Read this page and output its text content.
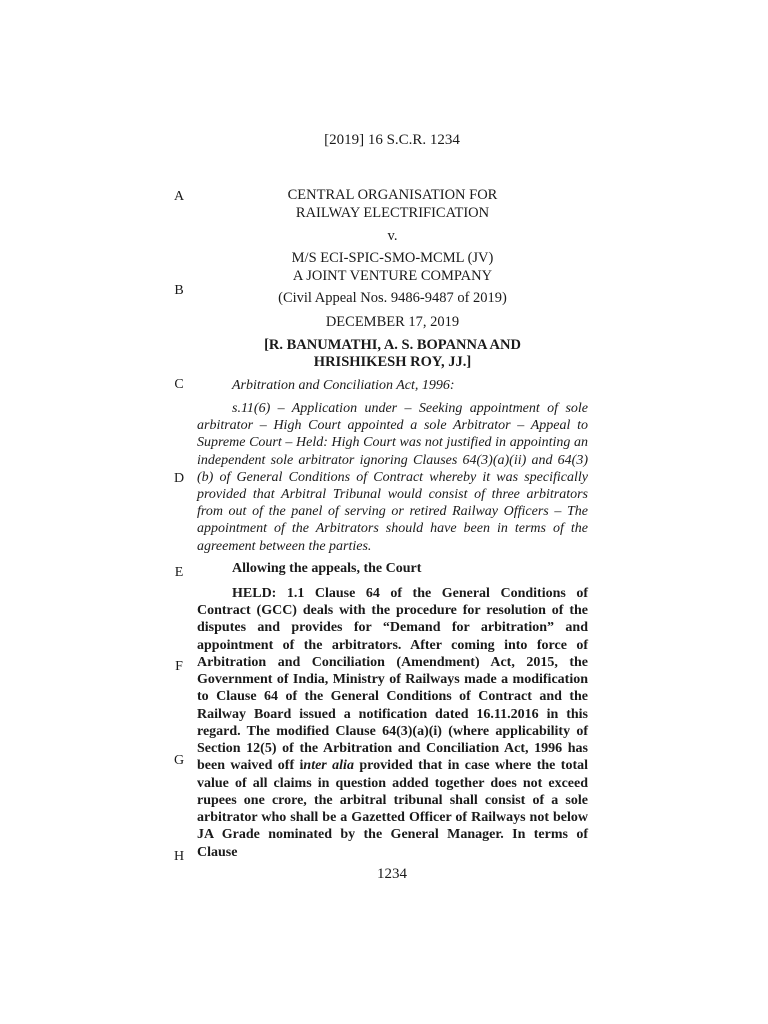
[2019] 16 S.C.R. 1234
A
B
C
D
E
F
G
H
CENTRAL ORGANISATION FOR
RAILWAY ELECTRIFICATION
v.
M/S ECI-SPIC-SMO-MCML (JV)
A JOINT VENTURE COMPANY
(Civil Appeal Nos. 9486-9487 of 2019)
DECEMBER 17, 2019
[R. BANUMATHI, A. S. BOPANNA AND
HRISHIKESH ROY, JJ.]
Arbitration and Conciliation Act, 1996:
s.11(6) – Application under – Seeking appointment of sole arbitrator – High Court appointed a sole Arbitrator – Appeal to Supreme Court – Held: High Court was not justified in appointing an independent sole arbitrator ignoring Clauses 64(3)(a)(ii) and 64(3)(b) of General Conditions of Contract whereby it was specifically provided that Arbitral Tribunal would consist of three arbitrators from out of the panel of serving or retired Railway Officers – The appointment of the Arbitrators should have been in terms of the agreement between the parties.
Allowing the appeals, the Court
HELD: 1.1 Clause 64 of the General Conditions of Contract (GCC) deals with the procedure for resolution of the disputes and provides for “Demand for arbitration” and appointment of the arbitrators. After coming into force of Arbitration and Conciliation (Amendment) Act, 2015, the Government of India, Ministry of Railways made a modification to Clause 64 of the General Conditions of Contract and the Railway Board issued a notification dated 16.11.2016 in this regard. The modified Clause 64(3)(a)(i) (where applicability of Section 12(5) of the Arbitration and Conciliation Act, 1996 has been waived off inter alia provided that in case where the total value of all claims in question added together does not exceed rupees one crore, the arbitral tribunal shall consist of a sole arbitrator who shall be a Gazetted Officer of Railways not below JA Grade nominated by the General Manager. In terms of Clause
1234
